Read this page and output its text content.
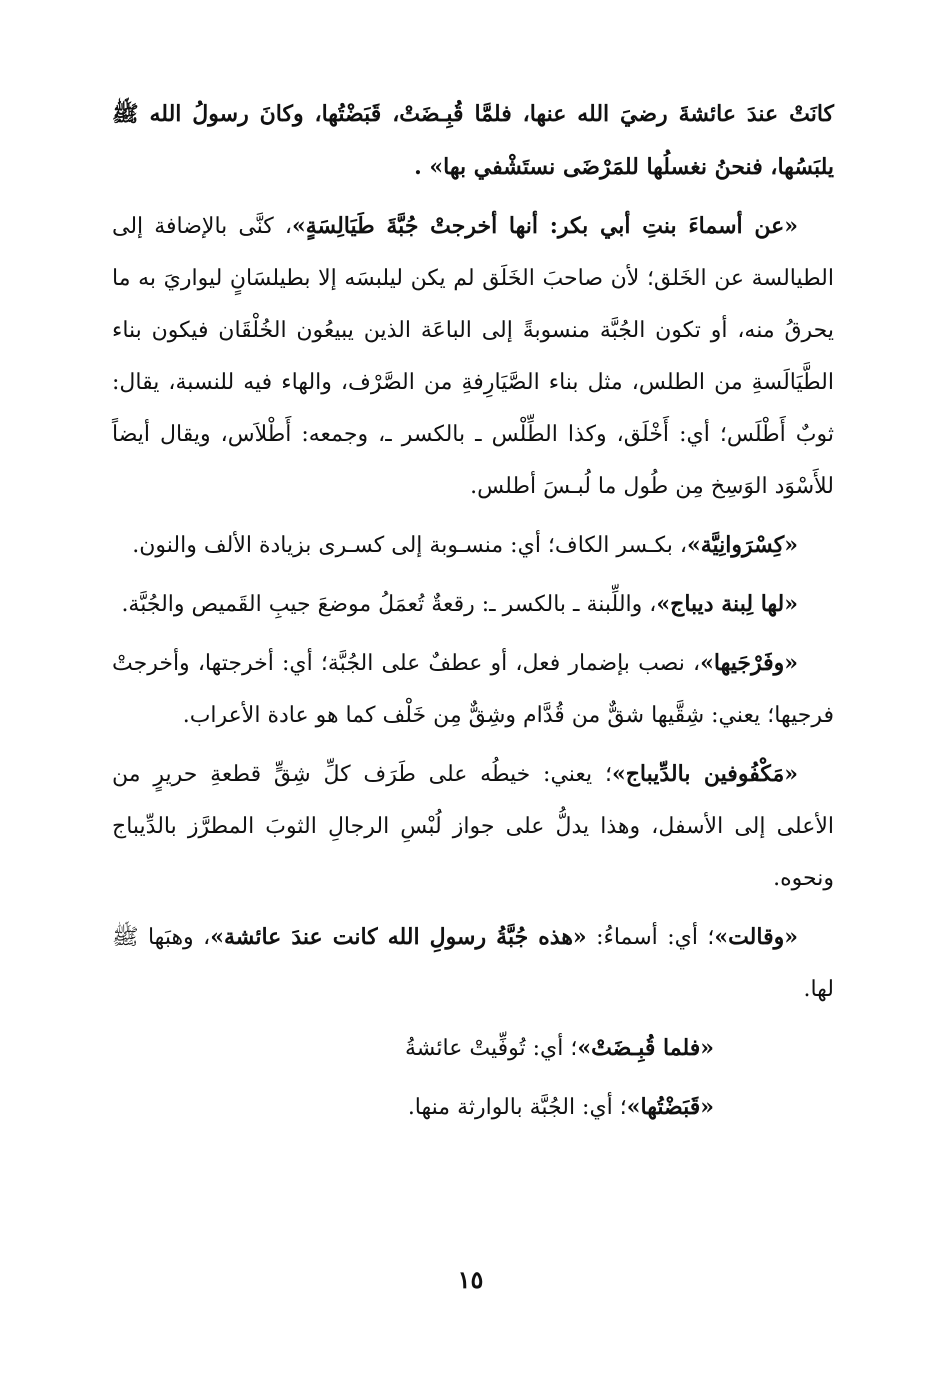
كانَتْ عندَ عائشةَ رضيَ الله عنها، فلمَّا قُبِـضَتْ، قَبَضْتُها، وكانَ رسولُ الله ﷺ يلبَسُها، فنحنُ نغسلُها للمَرْضَى نستَشْفي بها» .

«عن أسماءَ بنتِ أبي بكر: أنها أخرجتْ جُبَّةَ طَيَالِسَةٍ»، كنَّى بالإضافة إلى الطيالسة عن الخَلق؛ لأن صاحبَ الخَلَق لم يكن ليلبسَه إلا بطيلسَانٍ ليواريَ به ما يحرقُ منه، أو تكون الجُبَّة منسوبةً إلى الباعَة الذين يبيعُون الخُلْقَان فيكون بناء الطَّيَالَسةِ من الطلس، مثل بناء الصَّيَارِفةِ من الصَّرْف، والهاء فيه للنسبة، يقال: ثوبٌ أَطْلَس؛ أي: أَخْلَق، وكذا الطِّلْس ـ بالكسر ـ، وجمعه: أَطْلاَس، ويقال أيضاً للأَسْوَد الوَسِخ مِن طُول ما لُبـسَ أطلس.

«كِسْرَوانِيَّة»، بكـسر الكاف؛ أي: منسـوبة إلى كسـرى بزيادة الألف والنون.

«لها لِبنة ديباج»، واللِّبنة ـ بالكسر ـ: رقعةٌ تُعمَلُ موضعَ جيبِ القَميص والجُبَّة.

«وفَرْجَيها»، نصب بإضمار فعل، أو عطفٌ على الجُبَّة؛ أي: أخرجتها، وأخرجتْ فرجيها؛ يعني: شِقَّيها شقٌّ من قُدَّام وشِقٌّ مِن خَلْف كما هو عادة الأعراب.

«مَكْفُوفين بالدِّيباج»؛ يعني: خيطُه على طَرَف كلِّ شِقٍّ قطعةِ حريرٍ من الأعلى إلى الأسفل، وهذا يدلُّ على جواز لُبْسِ الرجالِ الثوبَ المطرَّز بالدِّيباج ونحوه.

«وقالت»؛ أي: أسماءُ: «هذه جُبَّةُ رسولِ الله كانت عندَ عائشة»، وهبَها ﷺ لها.

«فلما قُبِـضَتْ»؛ أي: تُوفِّيتْ عائشةُ

«قَبَضْتُها»؛ أي: الجُبَّة بالوارثة منها.

١٥
